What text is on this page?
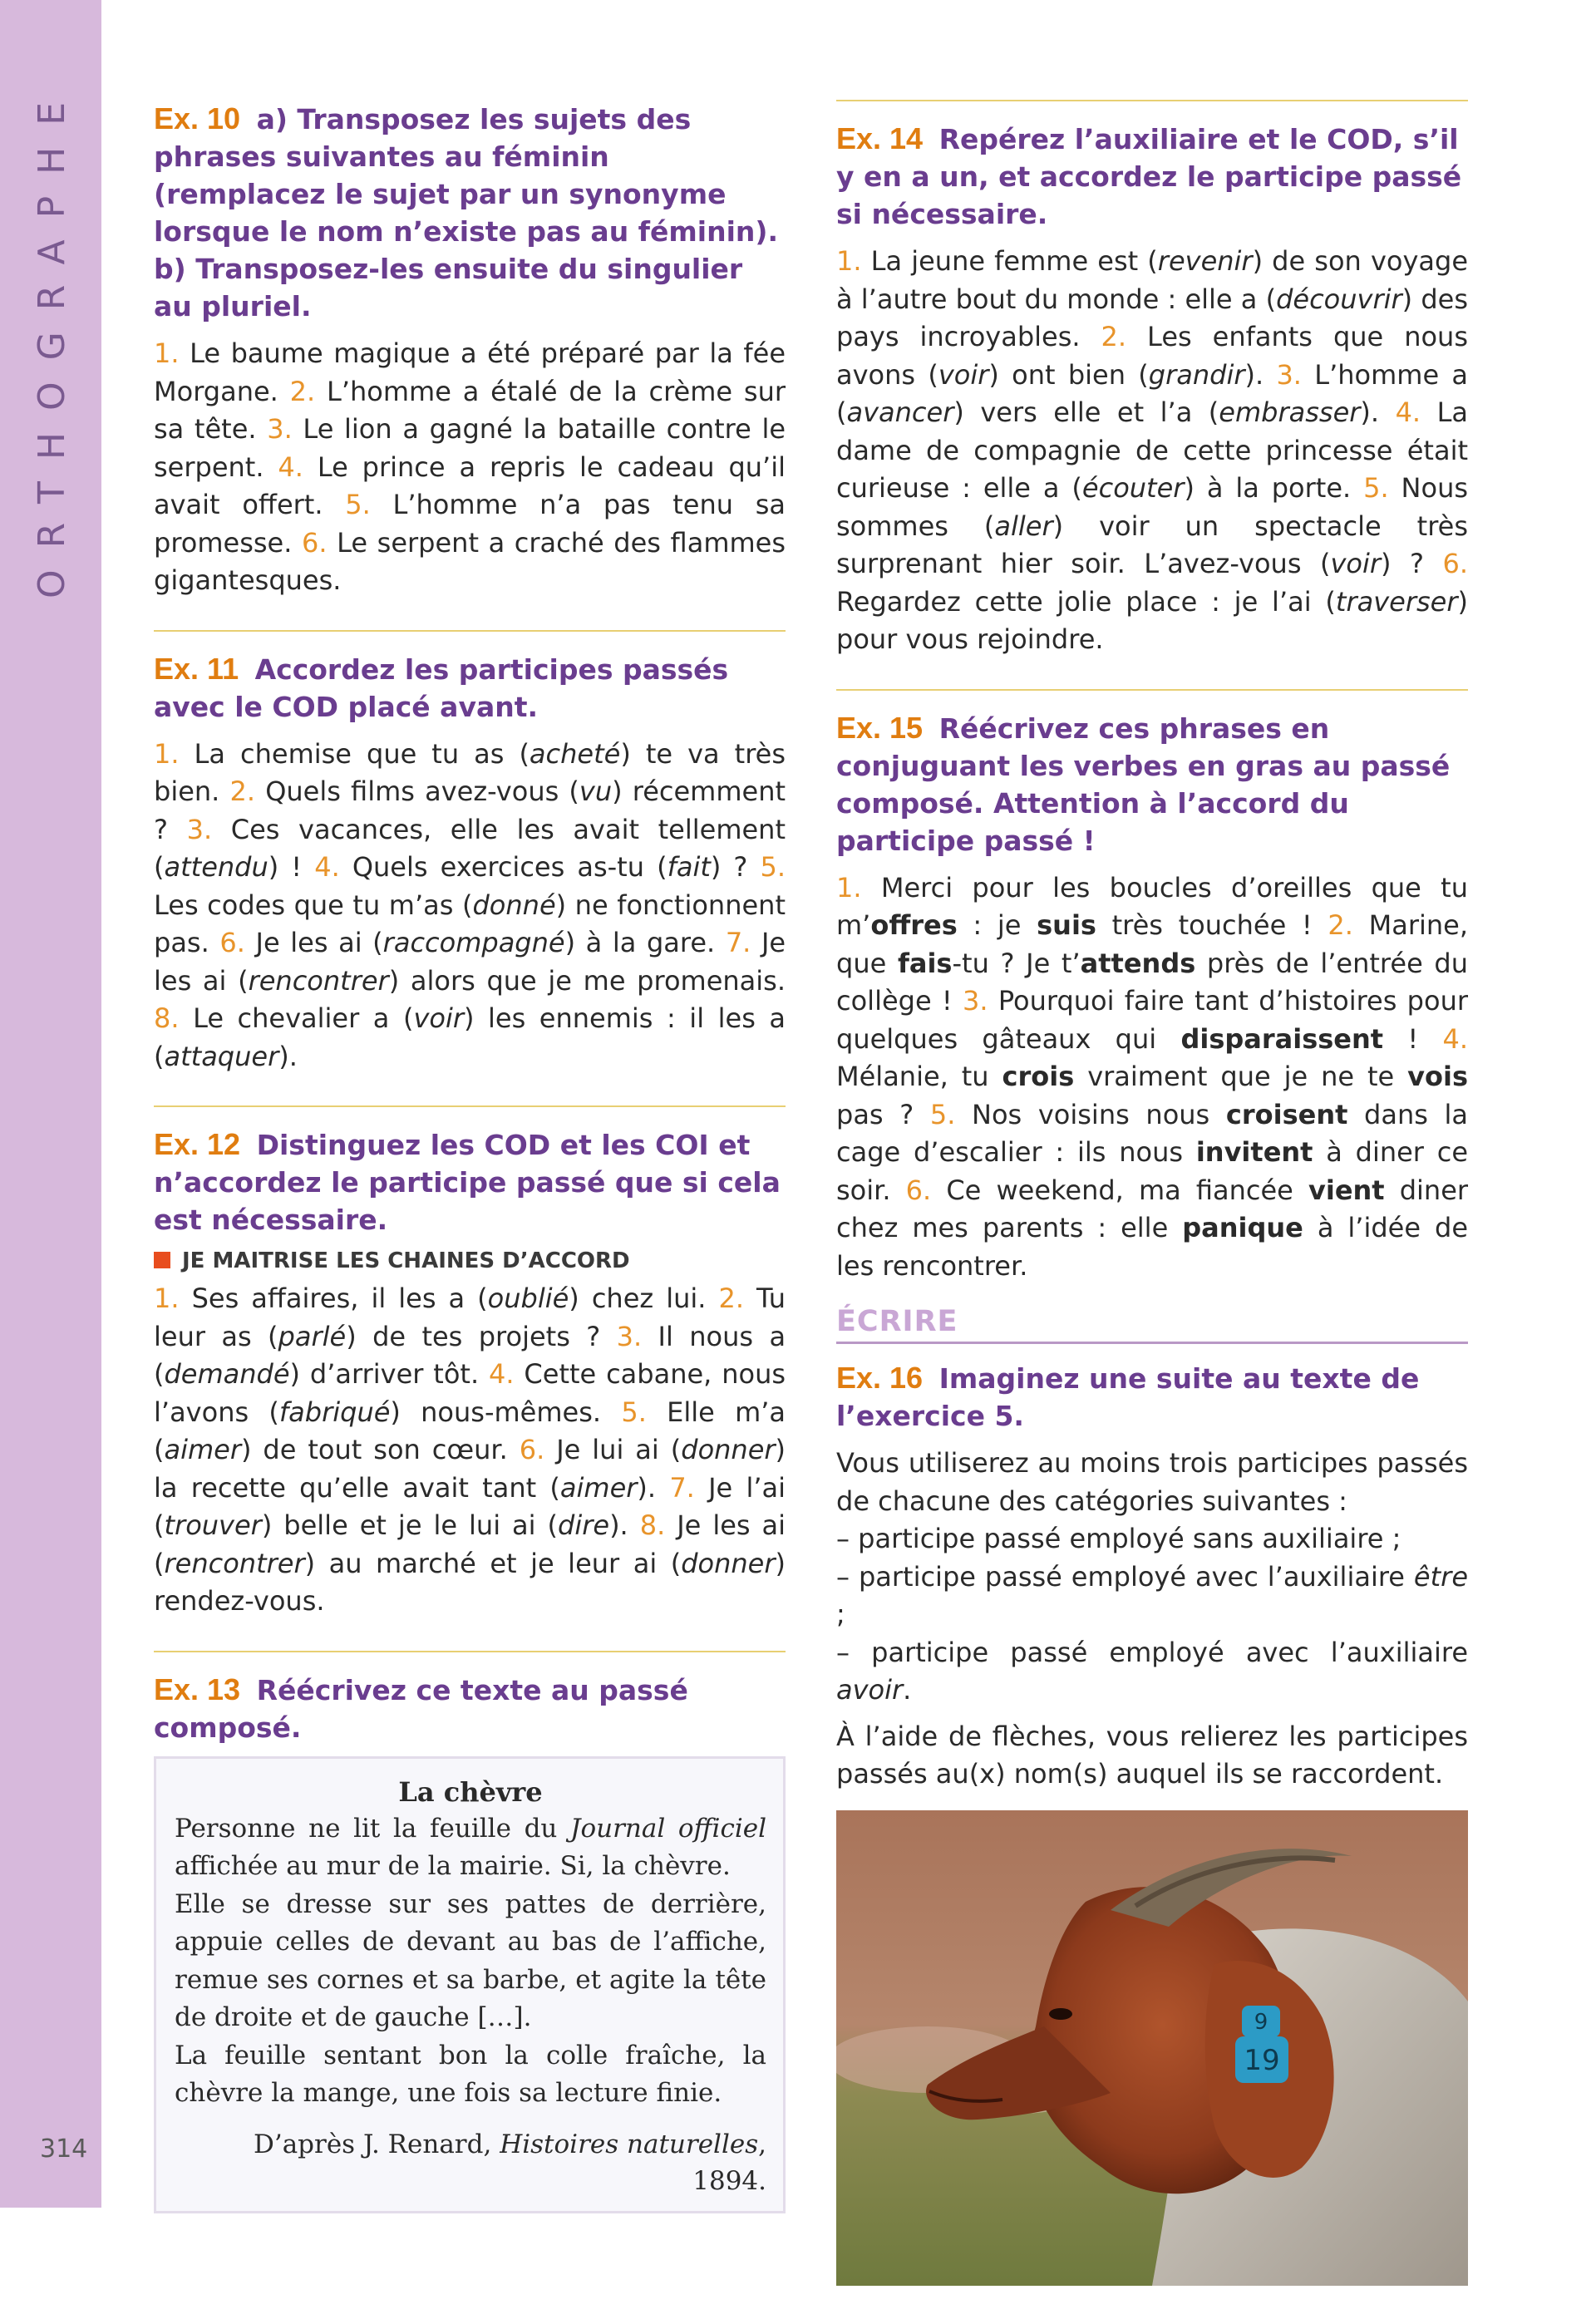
ORTHOGRAPHE
314
Ex. 10 a) Transposez les sujets des phrases suivantes au féminin (remplacez le sujet par un synonyme lorsque le nom n’existe pas au féminin). b) Transposez-les ensuite du singulier au pluriel.
1. Le baume magique a été préparé par la fée Morgane. 2. L’homme a étalé de la crème sur sa tête. 3. Le lion a gagné la bataille contre le serpent. 4. Le prince a repris le cadeau qu’il avait offert. 5. L’homme n’a pas tenu sa promesse. 6. Le serpent a craché des flammes gigantesques.
Ex. 11 Accordez les participes passés avec le COD placé avant.
1. La chemise que tu as (acheté) te va très bien. 2. Quels films avez-vous (vu) récemment ? 3. Ces vacances, elle les avait tellement (attendu) ! 4. Quels exercices as-tu (fait) ? 5. Les codes que tu m’as (donné) ne fonctionnent pas. 6. Je les ai (raccompagné) à la gare. 7. Je les ai (rencontrer) alors que je me promenais. 8. Le chevalier a (voir) les ennemis : il les a (attaquer).
Ex. 12 Distinguez les COD et les COI et n’accordez le participe passé que si cela est nécessaire.
JE MAITRISE LES CHAINES D’ACCORD
1. Ses affaires, il les a (oublié) chez lui. 2. Tu leur as (parlé) de tes projets ? 3. Il nous a (demandé) d’arriver tôt. 4. Cette cabane, nous l’avons (fabriqué) nous-mêmes. 5. Elle m’a (aimer) de tout son cœur. 6. Je lui ai (donner) la recette qu’elle avait tant (aimer). 7. Je l’ai (trouver) belle et je le lui ai (dire). 8. Je les ai (rencontrer) au marché et je leur ai (donner) rendez-vous.
Ex. 13 Réécrivez ce texte au passé composé.
La chèvre
Personne ne lit la feuille du Journal officiel affichée au mur de la mairie. Si, la chèvre.
Elle se dresse sur ses pattes de derrière, appuie celles de devant au bas de l’affiche, remue ses cornes et sa barbe, et agite la tête de droite et de gauche […].
La feuille sentant bon la colle fraîche, la chèvre la mange, une fois sa lecture finie.
D’après J. Renard, Histoires naturelles, 1894.
Ex. 14 Repérez l’auxiliaire et le COD, s’il y en a un, et accordez le participe passé si nécessaire.
1. La jeune femme est (revenir) de son voyage à l’autre bout du monde : elle a (découvrir) des pays incroyables. 2. Les enfants que nous avons (voir) ont bien (grandir). 3. L’homme a (avancer) vers elle et l’a (embrasser). 4. La dame de compagnie de cette princesse était curieuse : elle a (écouter) à la porte. 5. Nous sommes (aller) voir un spectacle très surprenant hier soir. L’avez-vous (voir) ? 6. Regardez cette jolie place : je l’ai (traverser) pour vous rejoindre.
Ex. 15 Réécrivez ces phrases en conjuguant les verbes en gras au passé composé. Attention à l’accord du participe passé !
1. Merci pour les boucles d’oreilles que tu m’offres : je suis très touchée ! 2. Marine, que fais-tu ? Je t’attends près de l’entrée du collège ! 3. Pourquoi faire tant d’histoires pour quelques gâteaux qui disparaissent ! 4. Mélanie, tu crois vraiment que je ne te vois pas ? 5. Nos voisins nous croisent dans la cage d’escalier : ils nous invitent à diner ce soir. 6. Ce weekend, ma fiancée vient diner chez mes parents : elle panique à l’idée de les rencontrer.
ÉCRIRE
Ex. 16 Imaginez une suite au texte de l’exercice 5.
Vous utiliserez au moins trois participes passés de chacune des catégories suivantes :
– participe passé employé sans auxiliaire ;
– participe passé employé avec l’auxiliaire être ;
– participe passé employé avec l’auxiliaire avoir.
À l’aide de flèches, vous relierez les participes passés au(x) nom(s) auquel ils se raccordent.
9
19
